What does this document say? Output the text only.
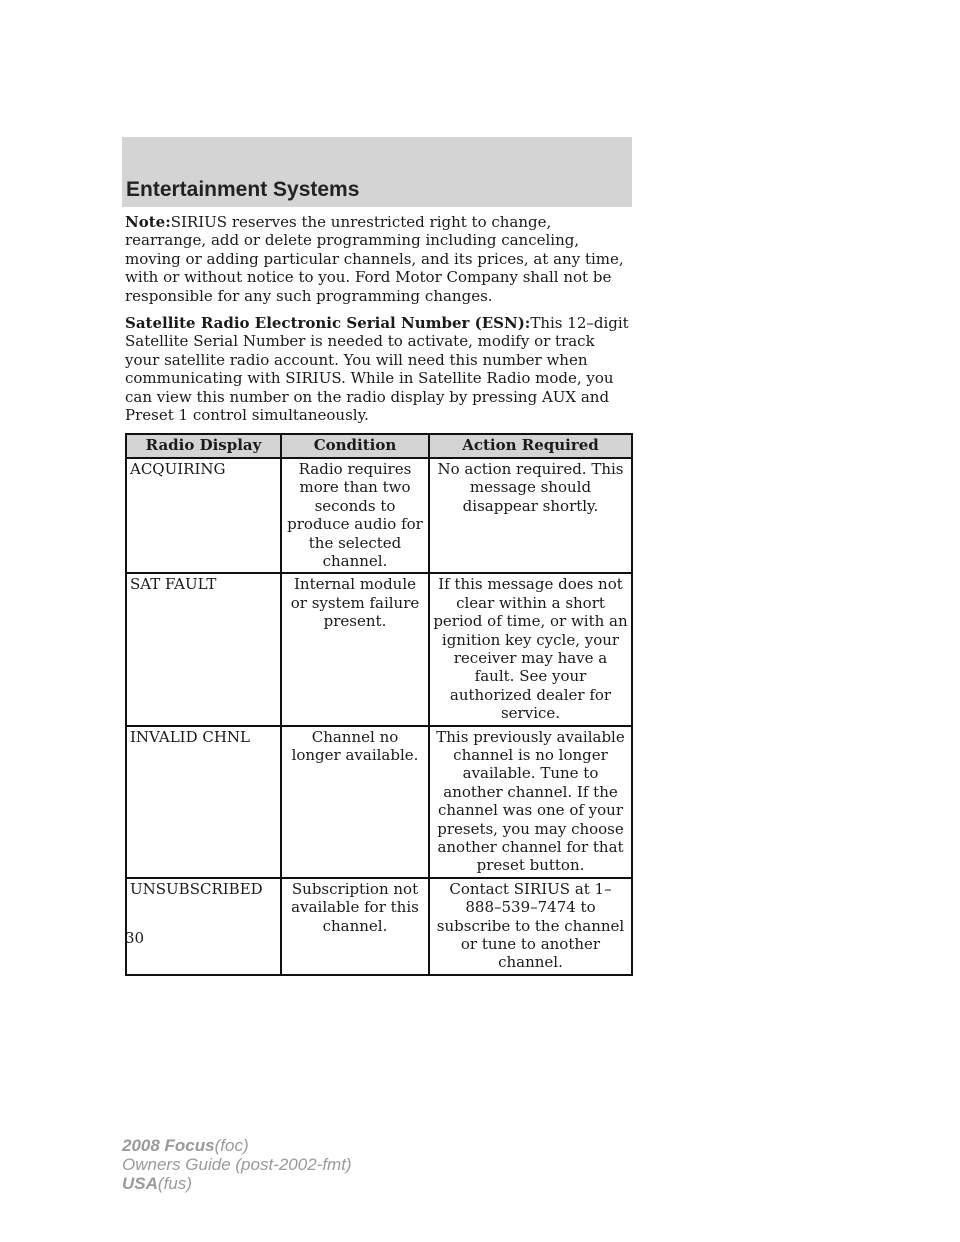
Entertainment Systems

Note:SIRIUS reserves the unrestricted right to change, rearrange, add or delete programming including canceling, moving or adding particular channels, and its prices, at any time, with or without notice to you. Ford Motor Company shall not be responsible for any such programming changes.

Satellite Radio Electronic Serial Number (ESN):This 12–digit Satellite Serial Number is needed to activate, modify or track your satellite radio account. You will need this number when communicating with SIRIUS. While in Satellite Radio mode, you can view this number on the radio display by pressing AUX and Preset 1 control simultaneously.

Radio Display	Condition	Action Required
ACQUIRING	Radio requires more than two seconds to produce audio for the selected channel.	No action required. This message should disappear shortly.
SAT FAULT	Internal module or system failure present.	If this message does not clear within a short period of time, or with an ignition key cycle, your receiver may have a fault. See your authorized dealer for service.
INVALID CHNL	Channel no longer available.	This previously available channel is no longer available. Tune to another channel. If the channel was one of your presets, you may choose another channel for that preset button.
UNSUBSCRIBED	Subscription not available for this channel.	Contact SIRIUS at 1–888–539–7474 to subscribe to the channel or tune to another channel.
30
2008 Focus(foc)
Owners Guide (post-2002-fmt)
USA(fus)
